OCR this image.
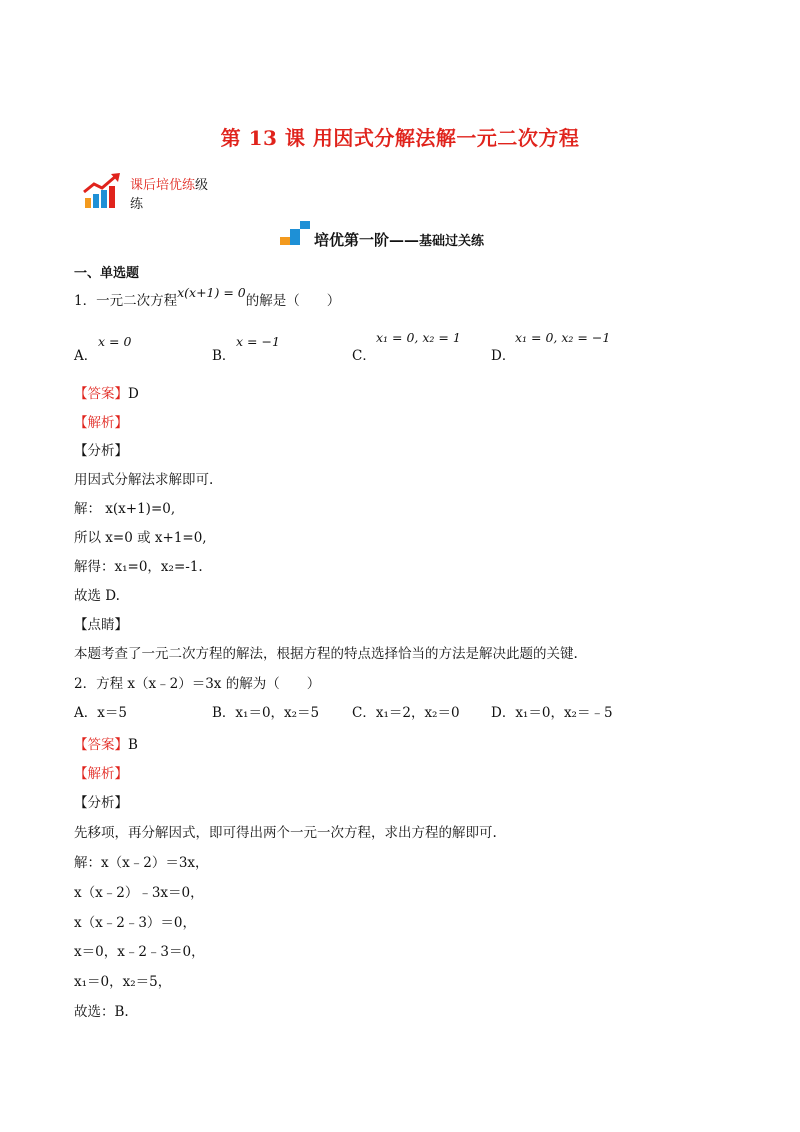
第 13 课 用因式分解法解一元二次方程
课后培优练级
练
培优第一阶——基础过关练
一、单选题
1．一元二次方程x(x+1) = 0的解是（　　）
A．
x = 0
B．
x = −1
C．
x₁ = 0, x₂ = 1
D．
x₁ = 0, x₂ = −1
【答案】D
【解析】
【分析】
用因式分解法求解即可.
解： x(x+1)=0,
所以 x=0 或 x+1=0,
解得：x₁=0，x₂=-1.
故选 D.
【点睛】
本题考查了一元二次方程的解法，根据方程的特点选择恰当的方法是解决此题的关键.
2．方程 x（x﹣2）＝3x 的解为（　　）
A．x＝5	B．x₁＝0，x₂＝5 C．x₁＝2，x₂＝0 D．x₁＝0，x₂＝﹣5
【答案】B
【解析】
【分析】
先移项，再分解因式，即可得出两个一元一次方程，求出方程的解即可.
解：x（x﹣2）＝3x，
x（x﹣2）﹣3x＝0，
x（x﹣2﹣3）＝0，
x＝0，x﹣2﹣3＝0，
x₁＝0，x₂＝5，
故选：B.
